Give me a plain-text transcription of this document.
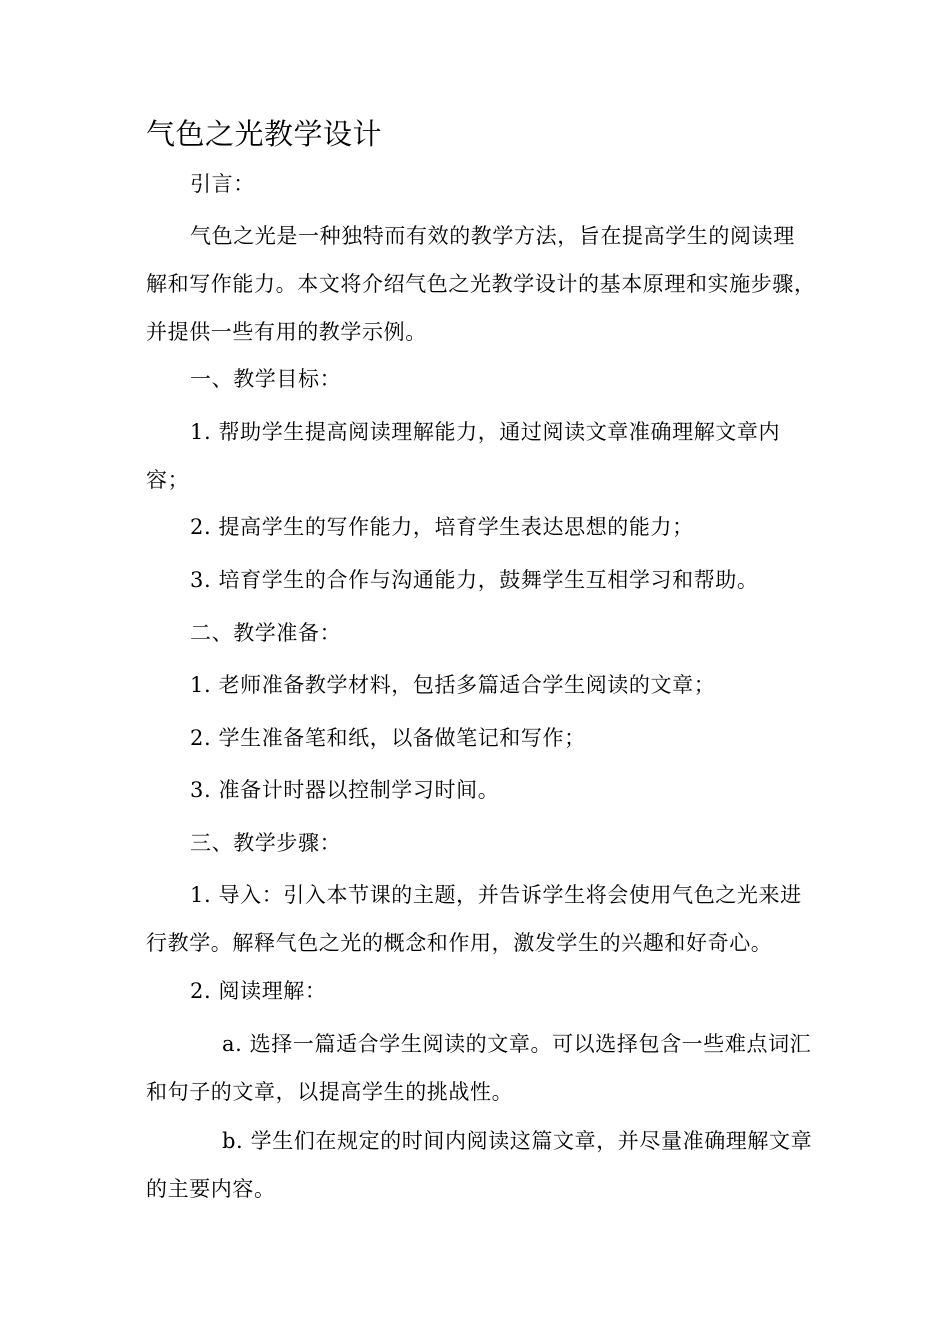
气色之光教学设计

引言：

气色之光是一种独特而有效的教学方法，旨在提高学生的阅读理解和写作能力。本文将介绍气色之光教学设计的基本原理和实施步骤，并提供一些有用的教学示例。

一、教学目标：

1. 帮助学生提高阅读理解能力，通过阅读文章准确理解文章内容；

2. 提高学生的写作能力，培育学生表达思想的能力；

3. 培育学生的合作与沟通能力，鼓舞学生互相学习和帮助。

二、教学准备：

1. 老师准备教学材料，包括多篇适合学生阅读的文章；

2. 学生准备笔和纸，以备做笔记和写作；

3. 准备计时器以控制学习时间。

三、教学步骤：

1. 导入：引入本节课的主题，并告诉学生将会使用气色之光来进行教学。解释气色之光的概念和作用，激发学生的兴趣和好奇心。

2. 阅读理解：

a. 选择一篇适合学生阅读的文章。可以选择包含一些难点词汇和句子的文章，以提高学生的挑战性。

b. 学生们在规定的时间内阅读这篇文章，并尽量准确理解文章的主要内容。
